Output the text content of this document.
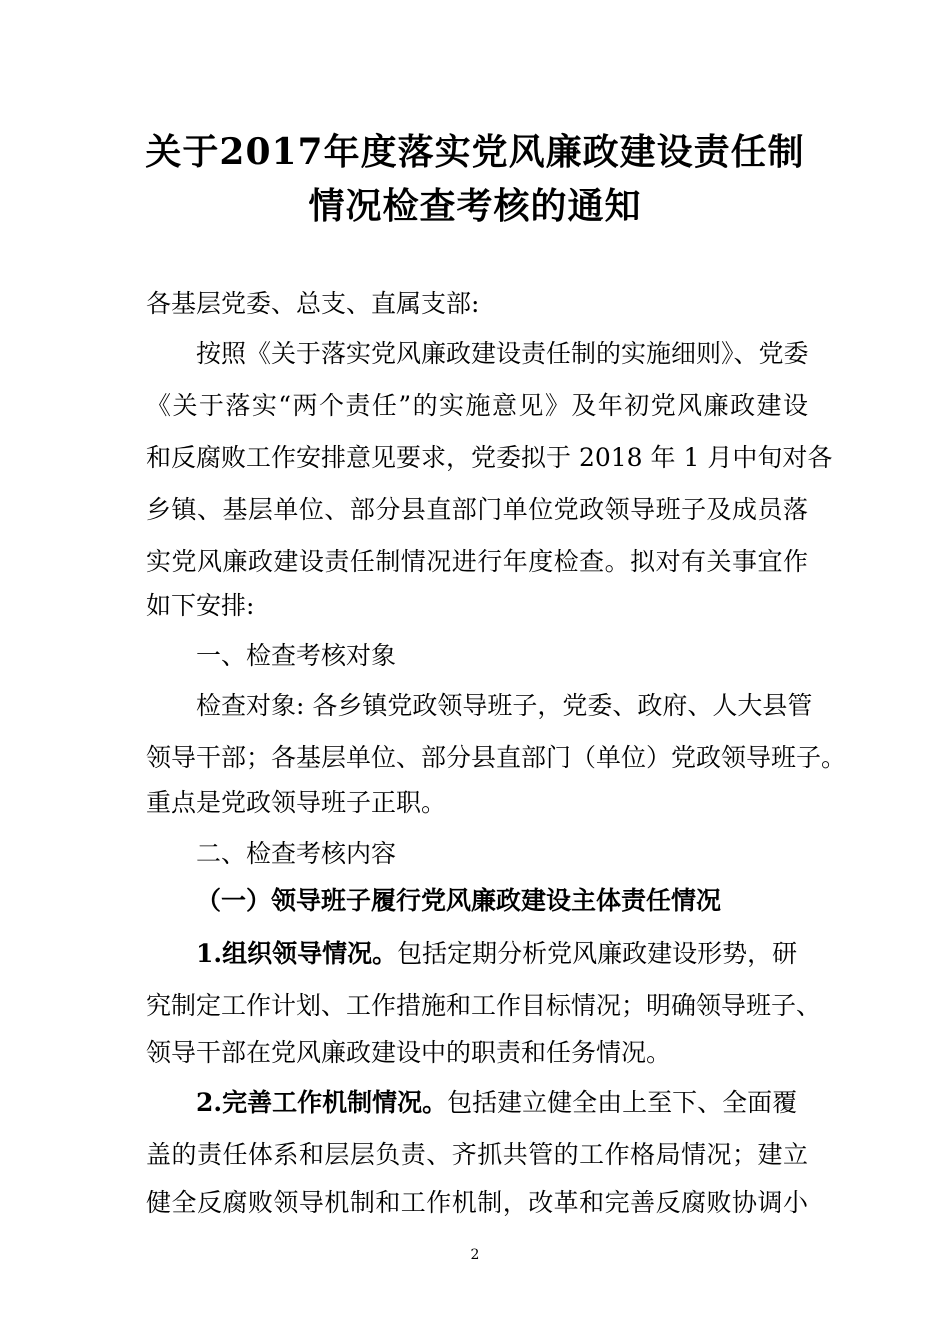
关于2017年度落实党风廉政建设责任制
情况检查考核的通知
各基层党委、总支、直属支部:
按照《关于落实党风廉政建设责任制的实施细则》、党委
《关于落实“两个责任”的实施意见》及年初党风廉政建设
和反腐败工作安排意见要求，党委拟于 2018 年 1 月中旬对各
乡镇、基层单位、部分县直部门单位党政领导班子及成员落
实党风廉政建设责任制情况进行年度检查。拟对有关事宜作
如下安排:
一、检查考核对象
检查对象: 各乡镇党政领导班子，党委、政府、人大县管
领导干部；各基层单位、部分县直部门（单位）党政领导班子。
重点是党政领导班子正职。
二、检查考核内容
（一）领导班子履行党风廉政建设主体责任情况
1.组织领导情况。包括定期分析党风廉政建设形势，研
究制定工作计划、工作措施和工作目标情况；明确领导班子、
领导干部在党风廉政建设中的职责和任务情况。
2.完善工作机制情况。包括建立健全由上至下、全面覆
盖的责任体系和层层负责、齐抓共管的工作格局情况；建立
健全反腐败领导机制和工作机制，改革和完善反腐败协调小
2
